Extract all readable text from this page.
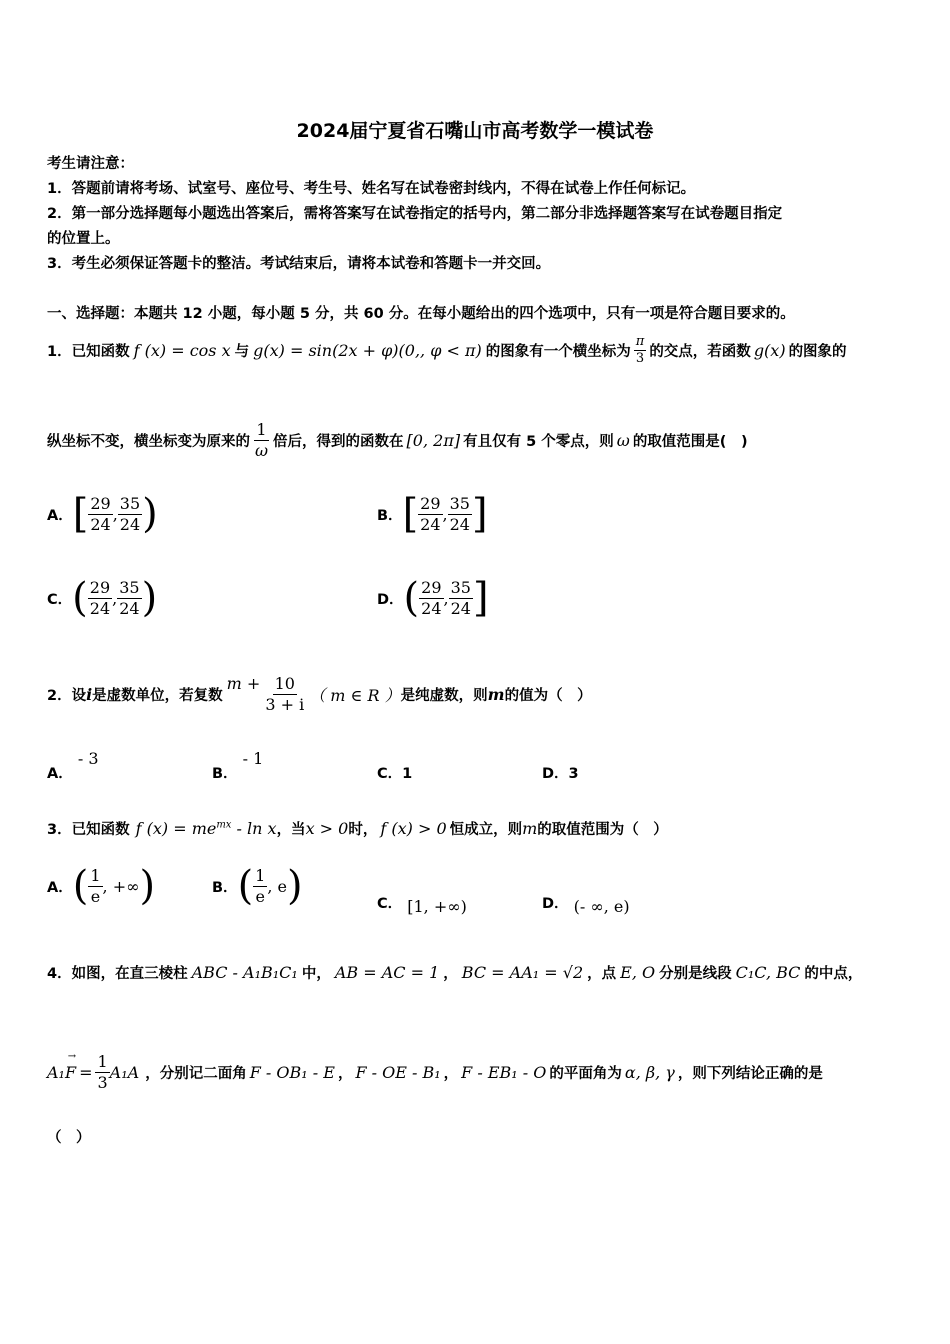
2024届宁夏省石嘴山市高考数学一模试卷
考生请注意：
1．答题前请将考场、试室号、座位号、考生号、姓名写在试卷密封线内，不得在试卷上作任何标记。
2．第一部分选择题每小题选出答案后，需将答案写在试卷指定的括号内，第二部分非选择题答案写在试卷题目指定
的位置上。
3．考生必须保证答题卡的整洁。考试结束后，请将本试卷和答题卡一并交回。
一、选择题：本题共 12 小题，每小题 5 分，共 60 分。在每小题给出的四个选项中，只有一项是符合题目要求的。
1．已知函数 f (x) = cos x 与 g(x) = sin(2x + φ)(0,, φ < π) 的图象有一个横坐标为 $\frac{\pi}{3}$ 的交点，若函数 g(x) 的图象的
纵坐标不变，横坐标变为原来的 $\frac{1}{\omega}$ 倍后，得到的函数在 [0, 2π] 有且仅有 5 个零点，则 ω 的取值范围是(　)
A． [ $\frac{29}{24}$ , $\frac{35}{24}$ )	B． [ $\frac{29}{24}$ , $\frac{35}{24}$ ]
C． ( $\frac{29}{24}$ , $\frac{35}{24}$ )	D． ( $\frac{29}{24}$ , $\frac{35}{24}$ ]
2．设 i 是虚数单位，若复数
$m + \frac{10}{3 + i}$ （ m ∈ R ） 是纯虚数，则 m 的值为（　）
A． - 3
B． - 1
C．1	D．3
3．已知函数 f $(x) = me^{mx} - \ln x$ ，当 x > 0 时， f (x) > 0 恒成立，则 m 的取值范围为（　）
A． ( $\frac{1}{e}$ , +∞ )	B． ( $\frac{1}{e}$ , e )	C． [1, +∞)	D． (- ∞, e)
4．如图，在直三棱柱 ABC - A₁B₁C₁ 中， AB = AC = 1 ， BC = AA₁ = √2 ，点 E, O 分别是线段 C₁C, BC 的中点，
→
$A_1F = \frac{1}{3} A_1A$ ，分别记二面角 F - OB₁ - E ， F - OE - B₁ ， F - EB₁ - O 的平面角为 α, β, γ ，则下列结论正确的是
（　）
